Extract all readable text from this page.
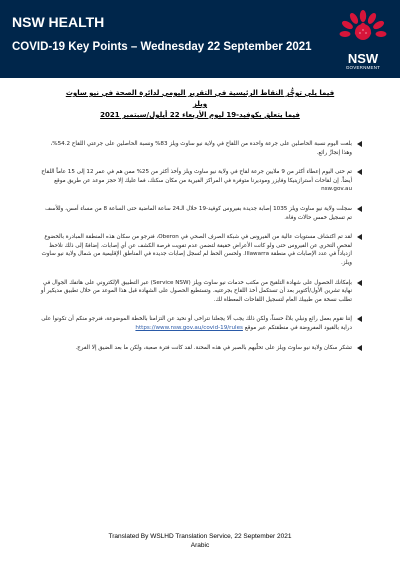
NSW HEALTH
COVID-19 Key Points – Wednesday 22 September 2021
NSW
GOVERNMENT
فيما يلي توجُّز النقاط الرئيسية في التقرير اليومي لدائرة الصحة في نيو ساوث ويلز
فيما يتعلق بكوفيد-19 ليوم الأربعاء 22 أيلول/سبتمبر 2021
بلغت اليوم نسبة الحاصلين على جرعة واحدة من اللقاح في ولاية نيو ساوث ويلز 83% ونسبة الحاصلين على جرعتي اللقاح 54.2%، وهذا إنجازٌ رائع.
تم حتى اليوم إعطاء أكثر من 9 ملايين جرعة لقاح في ولاية نيو ساوث ويلز وأخذ أكثر من 25% ممن هم في عمر 12 إلى 15 عاماً اللقاح أيضاً. إن لقاحات أسترازينيكا وفايزر وموديرنا متوفرة في المراكز الفيرية من مكان سكنك، فما عليك إلا حجز موعد عن طريق موقع nsw.gov.au
سجلت ولاية نيو ساوث ويلز 1035 إصابة جديدة بفيروس كوفيد-19 خلال الـ24 ساعة الماضية حتى الساعة 8 من مساء أمس، وللأسف تم تسجيل خمس حالات وفاة.
لقد تم اكتشاف مستويات عالية من الفيروس في شبكة الصرف الصحي في Oberon، فنرجو من سكان هذه المنطقة المبادرة بالخضوع لفحص التحري عن الفيروس حتى ولو كانت الأعراض خفيفة لتضمن عدم تفويت فرصة الكشف عن أي إصابات. إضافةً إلى ذلك نلاحظ ازدياداً في عدد الإصابات في منطقة Illawarra. ولحسن الحظ لم تُسجل إصابات جديدة في المناطق الإقليمية من شمال ولاية نيو ساوث ويلز.
بإمكانك الحصول على شهادة التلقيح من مكتب خدمات نيو ساوث ويلز (Service NSW) عبر التطبيق الإلكتروني على هاتفك الجوال في نهاية تشرين الأول/أكتوبر بعد أن تستكمل أخذ اللقاح بجرعتيه. وتستطيع الحصول على الشهادة قبل هذا الموعد من خلال تطبيق مديكير أو تطلب نسخة من طبيبك العام لتسجيل اللقاحات المعطاة لك.
إننا نقوم بعمل رائع ونبلي بلاءً حسناً، ولكن ذلك يجب ألا يجعلنا نتراخى أو نحيد عن التزامنا بالخطة الموضوعة، فنرجو منكم أن تكونوا على دراية بالقيود المفروضة في منطقتكم عبر موقع https://www.nsw.gov.au/covid-19/rules
تشكر سكان ولاية نيو ساوث ويلز على تحلّيهم بالصبر في هذه المحنة. لقد كانت فترة صعبة، ولكن ما بعد الضيق إلا الفرج.
Translated By WSLHD Translation Service, 22 September 2021
Arabic
